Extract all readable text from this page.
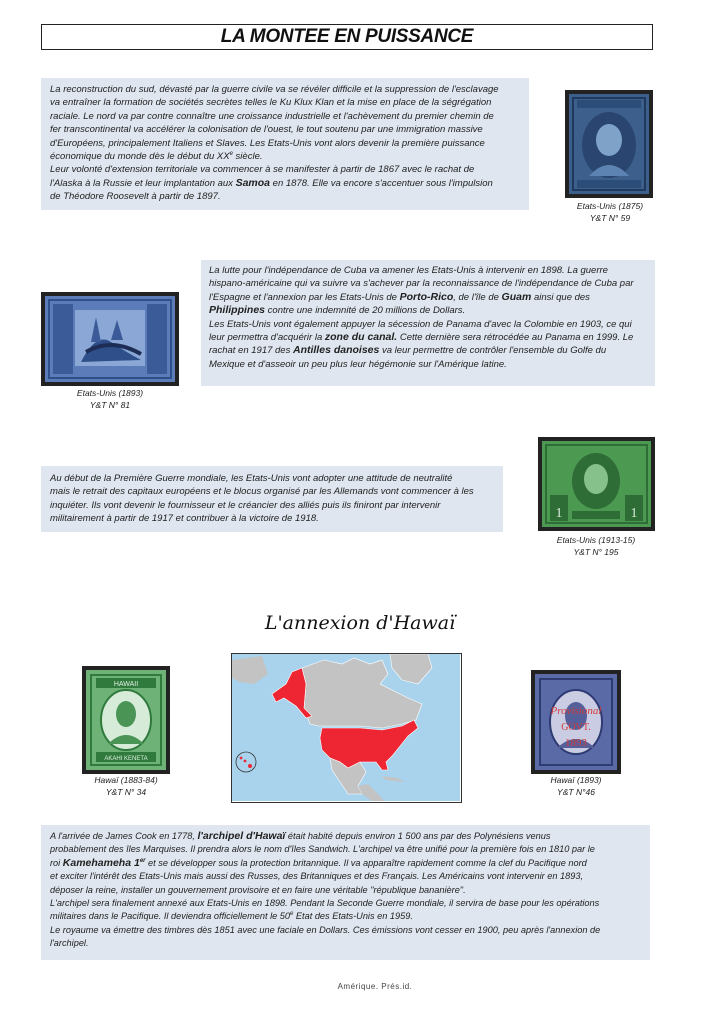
LA MONTEE EN PUISSANCE

La reconstruction du sud, dévasté par la guerre civile va se révéler difficile et la suppression de l'esclavage

va entraîner la formation de sociétés secrètes telles le Ku Klux Klan et la mise en place de la ségrégation

raciale. Le nord va par contre connaître une croissance industrielle et l'achèvement du premier chemin de

fer transcontinental va accélérer la colonisation de l'ouest, le tout soutenu par une immigration massive

d'Européens, principalement Italiens et Slaves. Les Etats-Unis vont alors devenir la première puissance

économique du monde dès le début du XXe siècle.

Leur volonté d'extension territoriale va commencer à se manifester à partir de 1867 avec le rachat de

l'Alaska à la Russie et leur implantation aux Samoa en 1878. Elle va encore s'accentuer sous l'impulsion

de Théodore Roosevelt à partir de 1897.

Etats-Unis (1875)
Y&T N° 59

La lutte pour l'indépendance de Cuba va amener les Etats-Unis à intervenir en 1898. La guerre

hispano-américaine qui va suivre va s'achever par la reconnaissance de l'indépendance de Cuba par

l'Espagne et l'annexion par les Etats-Unis de Porto-Rico, de l'île de Guam ainsi que des

Philippines contre une indemnité de 20 millions de Dollars.

Les Etats-Unis vont également appuyer la sécession de Panama d'avec la Colombie en 1903, ce qui

leur permettra d'acquérir la zone du canal. Cette dernière sera rétrocédée au Panama en 1999. Le

rachat en 1917 des Antilles danoises va leur permettre de contrôler l'ensemble du Golfe du

Mexique et d'asseoir un peu plus leur hégémonie sur l'Amérique latine.

Etats-Unis (1893)
Y&T N° 81

Au début de la Première Guerre mondiale, les Etats-Unis vont adopter une attitude de neutralité

mais le retrait des capitaux européens et le blocus organisé par les Allemands vont commencer à les

inquiéter. Ils vont devenir le fournisseur et le créancier des alliés puis ils finiront par intervenir

militairement à partir de 1917 et contribuer à la victoire de 1918.	1	1
Etats-Unis (1913-15)
Y&T N° 195
L'annexion d'Hawaï
HAWAII
AKAHI KENETA
Hawaï (1883-84)
Y&T N° 34
Provisional
GOVT.
1893
Hawaï (1893)
Y&T N°46

A l'arrivée de James Cook en 1778, l'archipel d'Hawaï était habité depuis environ 1 500 ans par des Polynésiens venus

probablement des îles Marquises. Il prendra alors le nom d'îles Sandwich. L'archipel va être unifié pour la première fois en 1810 par le

roi Kamehameha 1er et se développer sous la protection britannique. Il va apparaître rapidement comme la clef du Pacifique nord

et exciter l'intérêt des Etats-Unis mais aussi des Russes, des Britanniques et des Français. Les Américains vont intervenir en 1893,

déposer la reine, installer un gouvernement provisoire et en faire une véritable "république bananière".

L'archipel sera finalement annexé aux Etats-Unis en 1898. Pendant la Seconde Guerre mondiale, il servira de base pour les opérations

militaires dans le Pacifique. Il deviendra officiellement le 50e Etat des Etats-Unis en 1959.

Le royaume va émettre des timbres dès 1851 avec une faciale en Dollars. Ces émissions vont cesser en 1900, peu après l'annexion de

l'archipel.

Amérique. Prés.id.
